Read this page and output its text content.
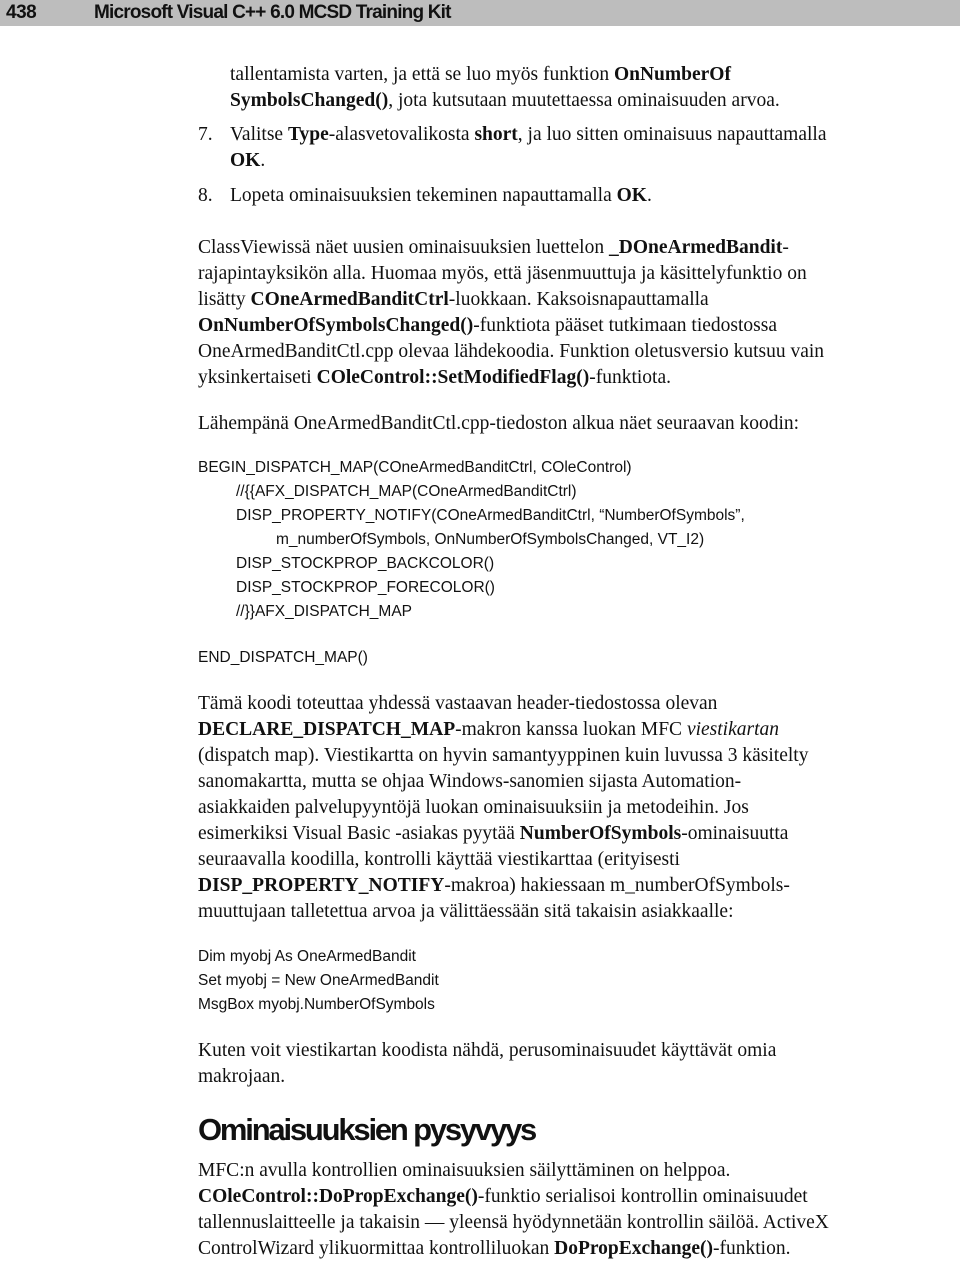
438	Microsoft Visual C++ 6.0 MCSD Training Kit
tallentamista varten, ja että se luo myös funktion OnNumberOf
SymbolsChanged(), jota kutsutaan muutettaessa ominaisuuden arvoa.
7. Valitse Type-alasvetovalikosta short, ja luo sitten ominaisuus napauttamalla
OK.
8. Lopeta ominaisuuksien tekeminen napauttamalla OK.
ClassViewissä näet uusien ominaisuuksien luettelon _DOneArmedBandit-
rajapintayksikön alla. Huomaa myös, että jäsenmuuttuja ja käsittelyfunktio on
lisätty COneArmedBanditCtrl-luokkaan. Kaksoisnapauttamalla
OnNumberOfSymbolsChanged()-funktiota pääset tutkimaan tiedostossa
OneArmedBanditCtl.cpp olevaa lähdekoodia. Funktion oletusversio kutsuu vain
yksinkertaiseti COleControl::SetModifiedFlag()-funktiota.
Lähempänä OneArmedBanditCtl.cpp-tiedoston alkua näet seuraavan koodin:
BEGIN_DISPATCH_MAP(COneArmedBanditCtrl, COleControl)
//{{AFX_DISPATCH_MAP(COneArmedBanditCtrl)
DISP_PROPERTY_NOTIFY(COneArmedBanditCtrl, “NumberOfSymbols”,
m_numberOfSymbols, OnNumberOfSymbolsChanged, VT_I2)
DISP_STOCKPROP_BACKCOLOR()
DISP_STOCKPROP_FORECOLOR()
//}}AFX_DISPATCH_MAP
END_DISPATCH_MAP()
Tämä koodi toteuttaa yhdessä vastaavan header-tiedostossa olevan
DECLARE_DISPATCH_MAP-makron kanssa luokan MFC viestikartan
(dispatch map). Viestikartta on hyvin samantyyppinen kuin luvussa 3 käsitelty
sanomakartta, mutta se ohjaa Windows-sanomien sijasta Automation-
asiakkaiden palvelupyyntöjä luokan ominaisuuksiin ja metodeihin. Jos
esimerkiksi Visual Basic -asiakas pyytää NumberOfSymbols-ominaisuutta
seuraavalla koodilla, kontrolli käyttää viestikarttaa (erityisesti
DISP_PROPERTY_NOTIFY-makroa) hakiessaan m_numberOfSymbols-
muuttujaan talletettua arvoa ja välittäessään sitä takaisin asiakkaalle:
Dim myobj As OneArmedBandit
Set myobj = New OneArmedBandit
MsgBox myobj.NumberOfSymbols
Kuten voit viestikartan koodista nähdä, perusominaisuudet käyttävät omia
makrojaan.
Ominaisuuksien pysyvyys
MFC:n avulla kontrollien ominaisuuksien säilyttäminen on helppoa.
COleControl::DoPropExchange()-funktio serialisoi kontrollin ominaisuudet
tallennuslaitteelle ja takaisin — yleensä hyödynnetään kontrollin säilöä. ActiveX
ControlWizard ylikuormittaa kontrolliluokan DoPropExchange()-funktion.
